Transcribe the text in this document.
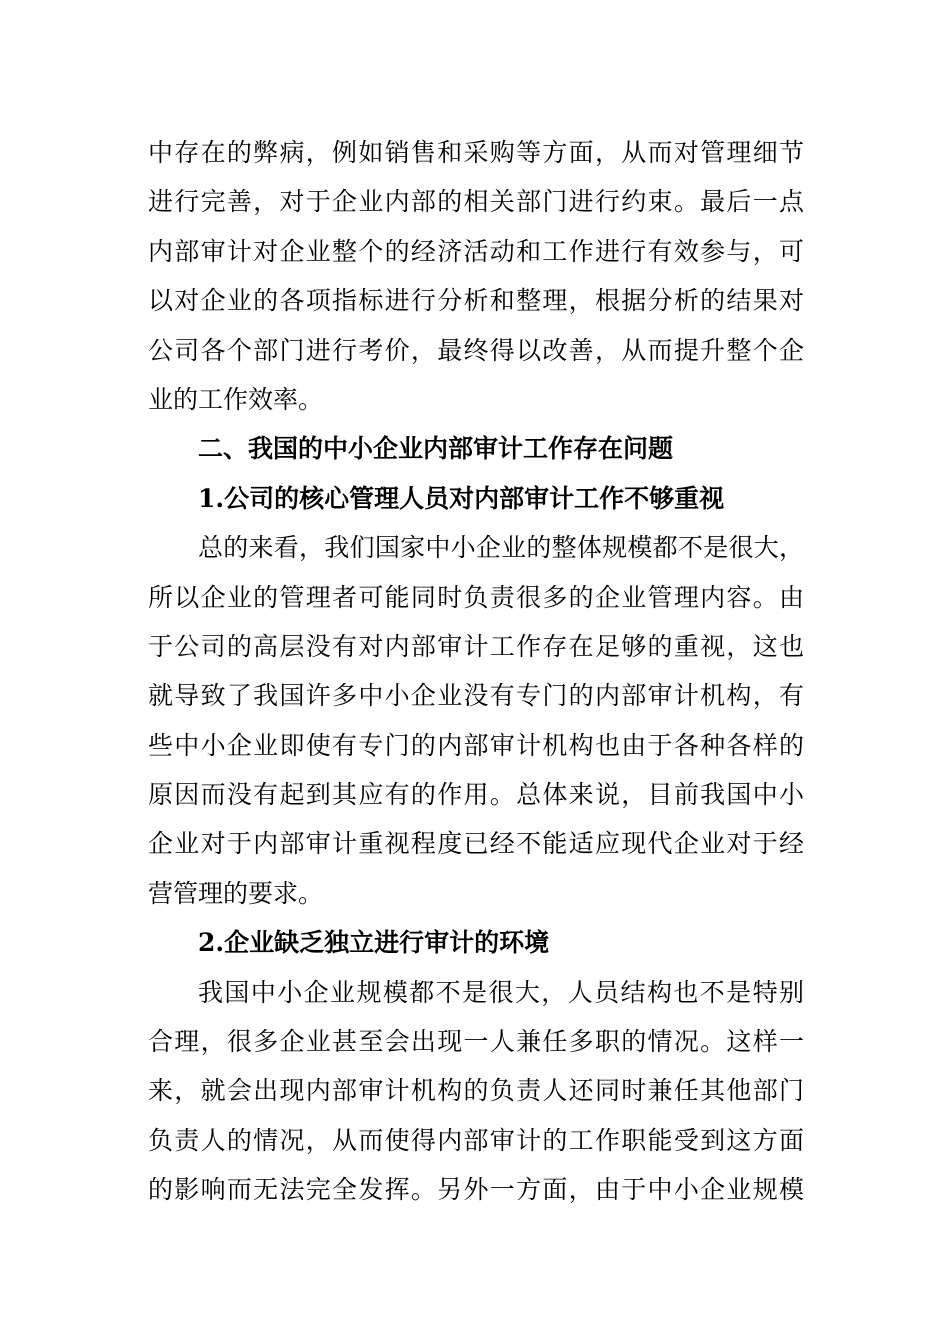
中存在的弊病，例如销售和采购等方面，从而对管理细节
进行完善，对于企业内部的相关部门进行约束。最后一点
内部审计对企业整个的经济活动和工作进行有效参与，可
以对企业的各项指标进行分析和整理，根据分析的结果对
公司各个部门进行考价，最终得以改善，从而提升整个企
业的工作效率。
二、我国的中小企业内部审计工作存在问题
1.公司的核心管理人员对内部审计工作不够重视
总的来看，我们国家中小企业的整体规模都不是很大，
所以企业的管理者可能同时负责很多的企业管理内容。由
于公司的高层没有对内部审计工作存在足够的重视，这也
就导致了我国许多中小企业没有专门的内部审计机构，有
些中小企业即使有专门的内部审计机构也由于各种各样的
原因而没有起到其应有的作用。总体来说，目前我国中小
企业对于内部审计重视程度已经不能适应现代企业对于经
营管理的要求。
2.企业缺乏独立进行审计的环境
我国中小企业规模都不是很大，人员结构也不是特别
合理，很多企业甚至会出现一人兼任多职的情况。这样一
来，就会出现内部审计机构的负责人还同时兼任其他部门
负责人的情况，从而使得内部审计的工作职能受到这方面
的影响而无法完全发挥。另外一方面，由于中小企业规模
